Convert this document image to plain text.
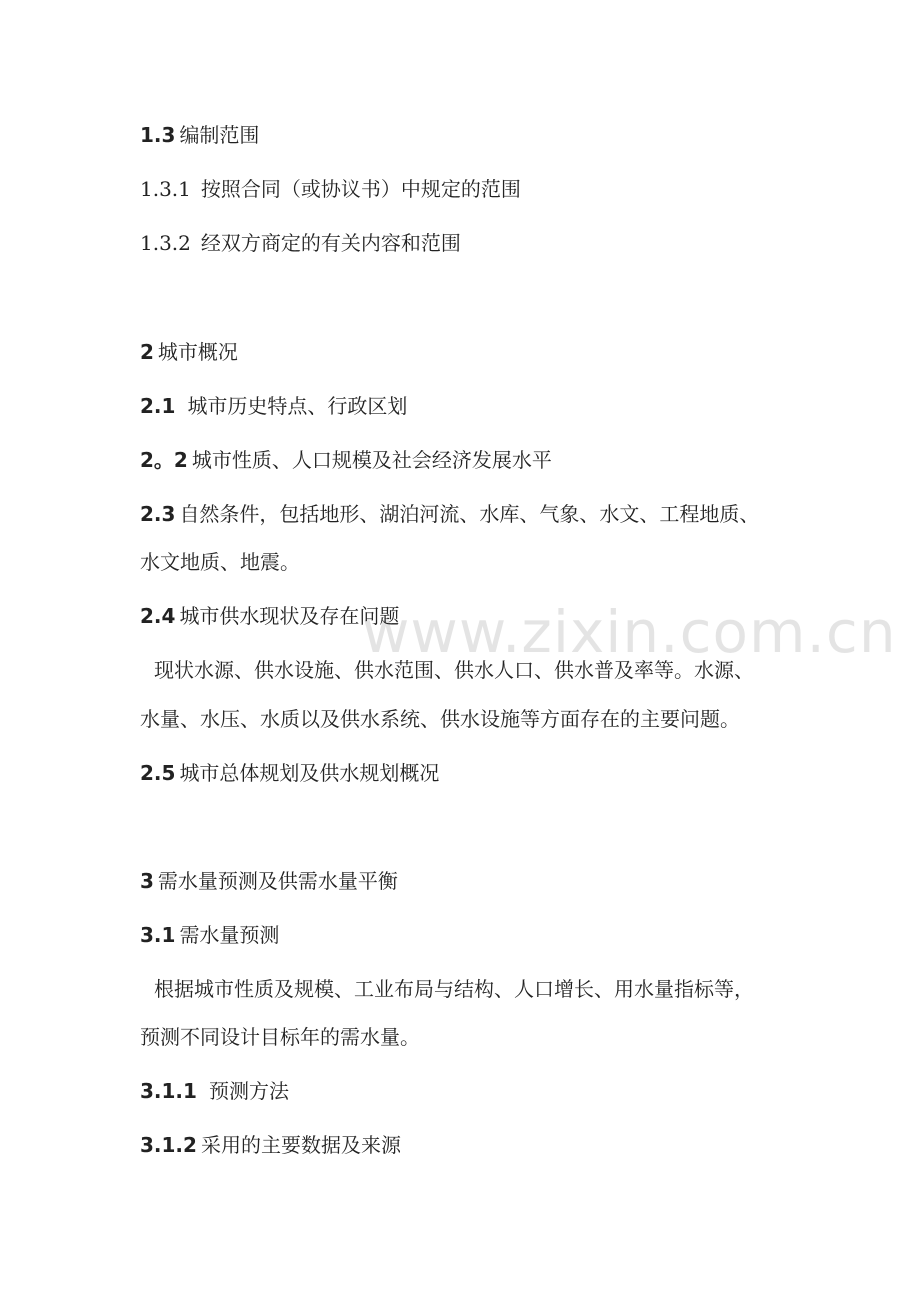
1.3 编制范围
1.3.1 按照合同（或协议书）中规定的范围
1.3.2 经双方商定的有关内容和范围
2 城市概况
2.1 城市历史特点、行政区划
2。2 城市性质、人口规模及社会经济发展水平
2.3 自然条件，包括地形、湖泊河流、水库、气象、水文、工程地质、
水文地质、地震。
2.4 城市供水现状及存在问题
现状水源、供水设施、供水范围、供水人口、供水普及率等。水源、
水量、水压、水质以及供水系统、供水设施等方面存在的主要问题。
2.5 城市总体规划及供水规划概况
3 需水量预测及供需水量平衡
3.1 需水量预测
根据城市性质及规模、工业布局与结构、人口增长、用水量指标等，
预测不同设计目标年的需水量。
3.1.1 预测方法
3.1.2 采用的主要数据及来源
www.zixin.com.cn
